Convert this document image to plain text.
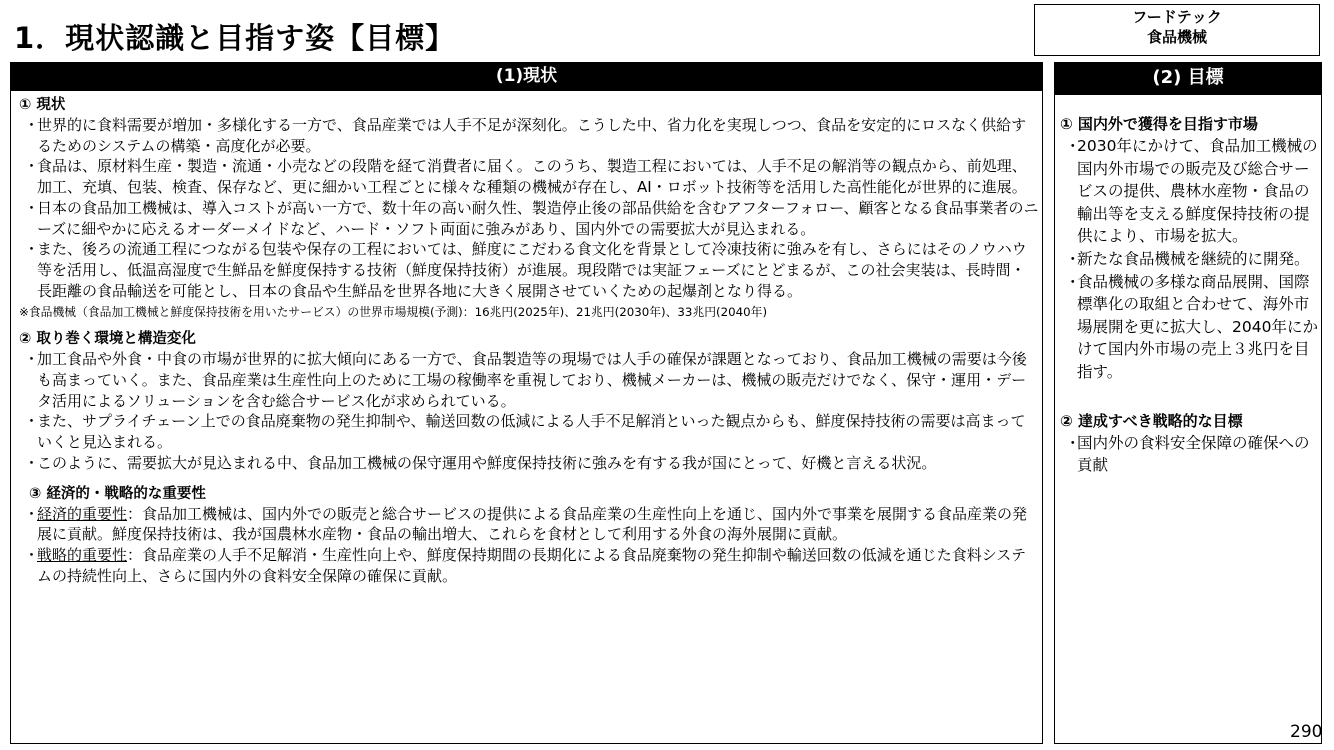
1．現状認識と目指す姿【目標】
フードテック
食品機械
(1)現状
① 現状

・
世界的に食料需要が増加・多様化する一方で、食品産業では人手不足が深刻化。こうした中、省力化を実現しつつ、食品を安定的にロスなく供給するためのシステムの構築・高度化が必要。

・
食品は、原材料生産・製造・流通・小売などの段階を経て消費者に届く。このうち、製造工程においては、人手不足の解消等の観点から、前処理、加工、充填、包装、検査、保存など、更に細かい工程ごとに様々な種類の機械が存在し、AI・ロボット技術等を活用した高性能化が世界的に進展。

・
日本の食品加工機械は、導入コストが高い一方で、数十年の高い耐久性、製造停止後の部品供給を含むアフターフォロー、顧客となる食品事業者のニーズに細やかに応えるオーダーメイドなど、ハード・ソフト両面に強みがあり、国内外での需要拡大が見込まれる。

・
また、後ろの流通工程につながる包装や保存の工程においては、鮮度にこだわる食文化を背景として冷凍技術に強みを有し、さらにはそのノウハウ等を活用し、低温高湿度で生鮮品を鮮度保持する技術（鮮度保持技術）が進展。現段階では実証フェーズにとどまるが、この社会実装は、長時間・長距離の食品輸送を可能とし、日本の食品や生鮮品を世界各地に大きく展開させていくための起爆剤となり得る。

※食品機械（食品加工機械と鮮度保持技術を用いたサービス）の世界市場規模(予測)：16兆円(2025年)、21兆円(2030年)、33兆円(2040年)
② 取り巻く環境と構造変化

・
加工食品や外食・中食の市場が世界的に拡大傾向にある一方で、食品製造等の現場では人手の確保が課題となっており、食品加工機械の需要は今後も高まっていく。また、食品産業は生産性向上のために工場の稼働率を重視しており、機械メーカーは、機械の販売だけでなく、保守・運用・データ活用によるソリューションを含む総合サービス化が求められている。

・
また、サプライチェーン上での食品廃棄物の発生抑制や、輸送回数の低減による人手不足解消といった観点からも、鮮度保持技術の需要は高まっていくと見込まれる。

・
このように、需要拡大が見込まれる中、食品加工機械の保守運用や鮮度保持技術に強みを有する我が国にとって、好機と言える状況。

③ 経済的・戦略的な重要性

・
経済的重要性：食品加工機械は、国内外での販売と総合サービスの提供による食品産業の生産性向上を通じ、国内外で事業を展開する食品産業の発展に貢献。鮮度保持技術は、我が国農林水産物・食品の輸出増大、これらを食材として利用する外食の海外展開に貢献。

・
戦略的重要性：食品産業の人手不足解消・生産性向上や、鮮度保持期間の長期化による食品廃棄物の発生抑制や輸送回数の低減を通じた食料システムの持続性向上、さらに国内外の食料安全保障の確保に貢献。

(2) 目標
① 国内外で獲得を目指す市場

・
2030年にかけて、食品加工機械の国内外市場での販売及び総合サービスの提供、農林水産物・食品の輸出等を支える鮮度保持技術の提供により、市場を拡大。

・
新たな食品機械を継続的に開発。

・
食品機械の多様な商品展開、国際標準化の取組と合わせて、海外市場展開を更に拡大し、2040年にかけて国内外市場の売上３兆円を目指す。

② 達成すべき戦略的な目標

・
国内外の食料安全保障の確保への貢献

290
